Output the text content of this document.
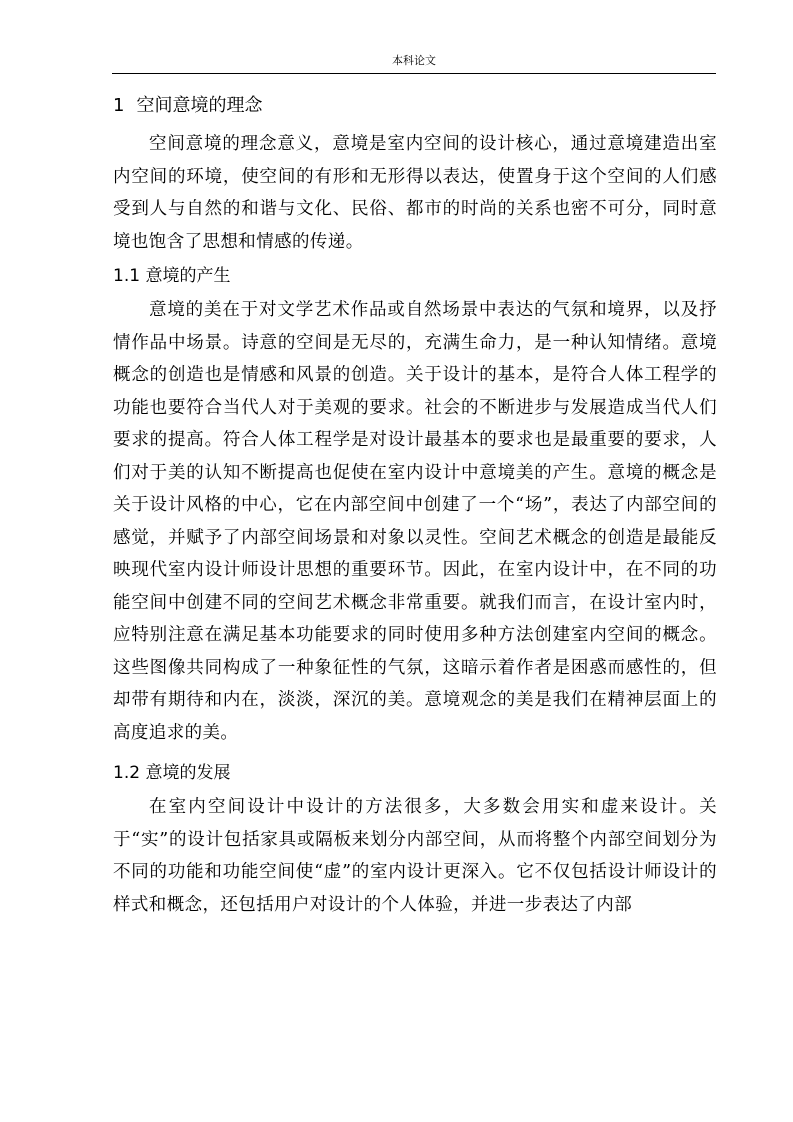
本科论文
1 空间意境的理念

空间意境的理念意义，意境是室内空间的设计核心，通过意境建造出室内空间的环境，使空间的有形和无形得以表达，使置身于这个空间的人们感受到人与自然的和谐与文化、民俗、都市的时尚的关系也密不可分，同时意境也饱含了思想和情感的传递。

1.1 意境的产生

意境的美在于对文学艺术作品或自然场景中表达的气氛和境界，以及抒情作品中场景。诗意的空间是无尽的，充满生命力，是一种认知情绪。意境概念的创造也是情感和风景的创造。关于设计的基本，是符合人体工程学的功能也要符合当代人对于美观的要求。社会的不断进步与发展造成当代人们要求的提高。符合人体工程学是对设计最基本的要求也是最重要的要求，人们对于美的认知不断提高也促使在室内设计中意境美的产生。意境的概念是关于设计风格的中心，它在内部空间中创建了一个“场”，表达了内部空间的感觉，并赋予了内部空间场景和对象以灵性。空间艺术概念的创造是最能反映现代室内设计师设计思想的重要环节。因此，在室内设计中，在不同的功能空间中创建不同的空间艺术概念非常重要。就我们而言，在设计室内时，应特别注意在满足基本功能要求的同时使用多种方法创建室内空间的概念。这些图像共同构成了一种象征性的气氛，这暗示着作者是困惑而感性的，但却带有期待和内在，淡淡，深沉的美。意境观念的美是我们在精神层面上的高度追求的美。

1.2 意境的发展

在室内空间设计中设计的方法很多，大多数会用实和虚来设计。关于“实”的设计包括家具或隔板来划分内部空间，从而将整个内部空间划分为不同的功能和功能空间使“虚”的室内设计更深入。它不仅包括设计师设计的样式和概念，还包括用户对设计的个人体验，并进一步表达了内部
